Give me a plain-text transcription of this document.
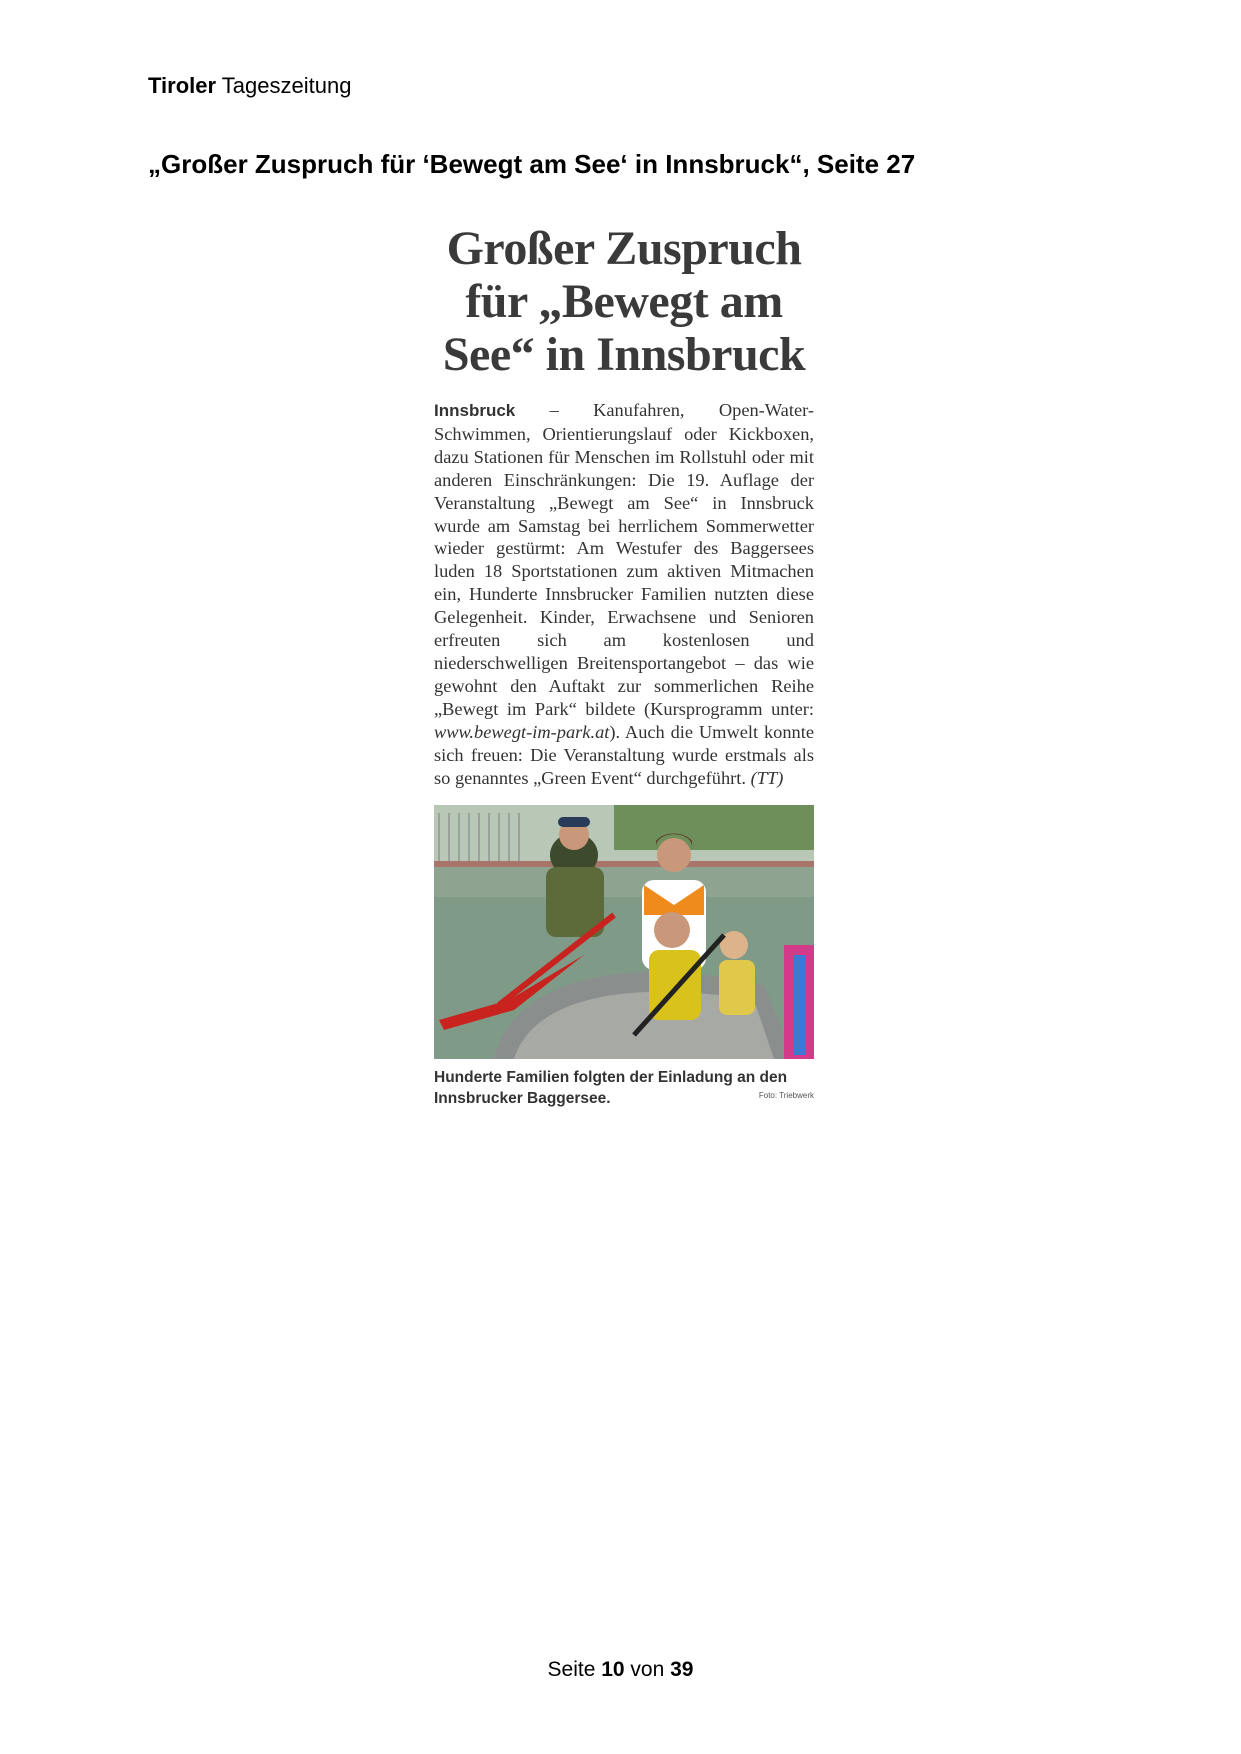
Tiroler Tageszeitung
„Großer Zuspruch für ‘Bewegt am See‘ in Innsbruck“, Seite 27
Großer Zuspruch
für „Bewegt am
See“ in Innsbruck
Innsbruck – Kanufahren, Open-Water-Schwimmen, Orientierungslauf oder Kickboxen, dazu Stationen für Menschen im Rollstuhl oder mit anderen Einschränkungen: Die 19. Auflage der Veranstaltung „Bewegt am See“ in Innsbruck wurde am Samstag bei herrlichem Sommerwetter wieder gestürmt: Am Westufer des Baggersees luden 18 Sportstationen zum aktiven Mitmachen ein, Hunderte Innsbrucker Familien nutzten diese Gelegenheit. Kinder, Erwachsene und Senioren erfreuten sich am kostenlosen und niederschwelligen Breitensportangebot – das wie gewohnt den Auftakt zur sommerlichen Reihe „Bewegt im Park“ bildete (Kursprogramm unter: www.bewegt-im-park.at). Auch die Umwelt konnte sich freuen: Die Veranstaltung wurde erstmals als so genanntes „Green Event“ durchgeführt. (TT)
Hunderte Familien folgten der Einladung an den Innsbrucker Baggersee.	Foto: Triebwerk
Seite 10 von 39
